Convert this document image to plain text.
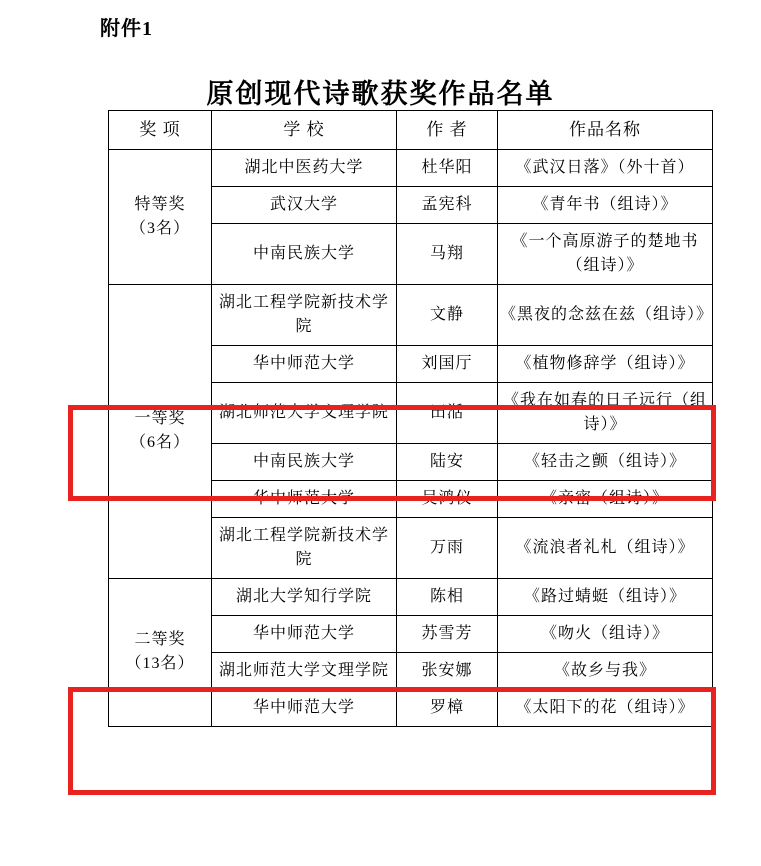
附件1
原创现代诗歌获奖作品名单
奖 项	学 校	作 者	作品名称
特等奖
（3名）	湖北中医药大学	杜华阳	《武汉日落》（外十首）
	武汉大学	孟宪科	《青年书（组诗）》
	中南民族大学	马翔	《一个高原游子的楚地书（组诗）》
一等奖
（6名）	湖北工程学院新技术学院	文静	《黑夜的念兹在兹（组诗）》
	华中师范大学	刘国厅	《植物修辞学（组诗）》
	湖北师范大学文理学院	田湉	《我在如春的日子远行（组诗）》
	中南民族大学	陆安	《轻击之颤（组诗）》
	华中师范大学	吴鸿仪	《亲密（组诗）》
	湖北工程学院新技术学院	万雨	《流浪者礼札（组诗）》
二等奖
（13名）	湖北大学知行学院	陈相	《路过蜻蜓（组诗）》
	华中师范大学	苏雪芳	《吻火（组诗）》
	湖北师范大学文理学院	张安娜	《故乡与我》
	华中师范大学	罗樟	《太阳下的花（组诗）》
